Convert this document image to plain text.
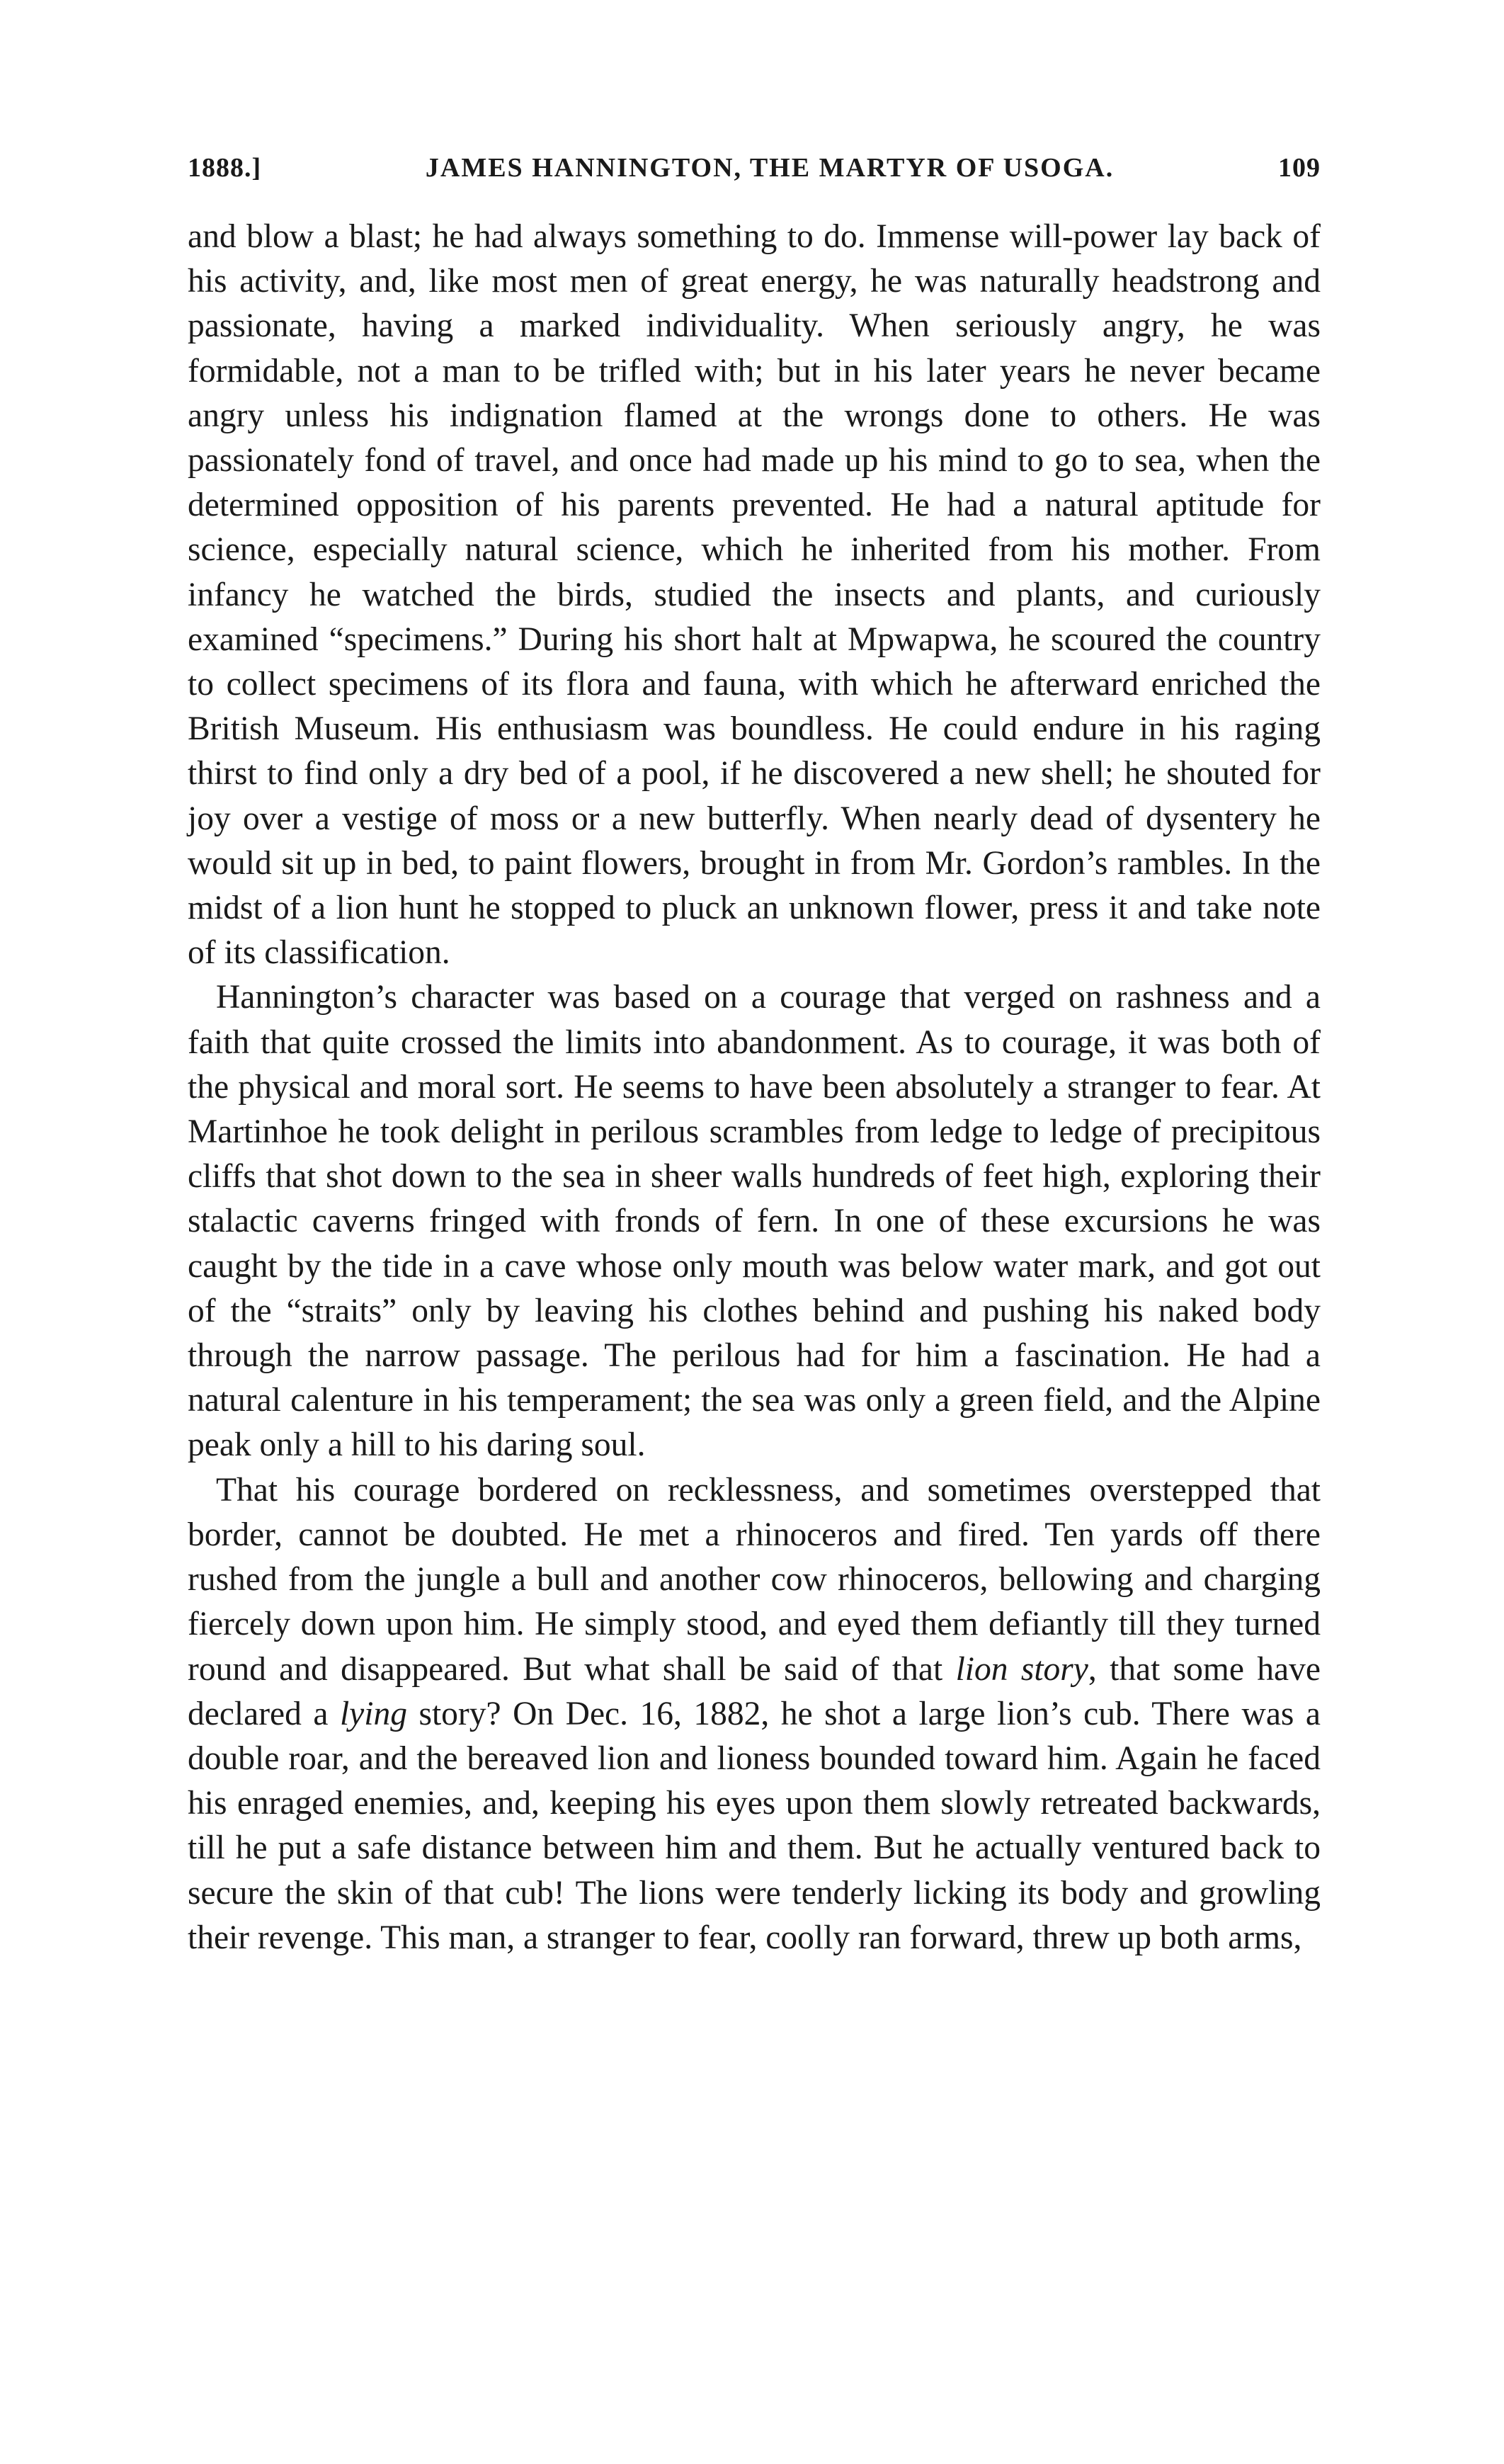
1888.]	JAMES HANNINGTON, THE MARTYR OF USOGA.	109

and blow a blast; he had always something to do. Immense will-power lay back of his activity, and, like most men of great energy, he was naturally headstrong and passionate, having a marked individuality. When seriously angry, he was formidable, not a man to be trifled with; but in his later years he never became angry unless his indignation flamed at the wrongs done to others. He was passionately fond of travel, and once had made up his mind to go to sea, when the determined opposition of his parents prevented. He had a natural aptitude for science, especially natural science, which he inherited from his mother. From infancy he watched the birds, studied the insects and plants, and curiously examined “specimens.” During his short halt at Mpwapwa, he scoured the country to collect specimens of its flora and fauna, with which he afterward enriched the British Museum. His enthusiasm was boundless. He could endure in his raging thirst to find only a dry bed of a pool, if he discovered a new shell; he shouted for joy over a vestige of moss or a new butterfly. When nearly dead of dysentery he would sit up in bed, to paint flowers, brought in from Mr. Gordon’s rambles. In the midst of a lion hunt he stopped to pluck an unknown flower, press it and take note of its classification.

Hannington’s character was based on a courage that verged on rashness and a faith that quite crossed the limits into abandonment. As to courage, it was both of the physical and moral sort. He seems to have been absolutely a stranger to fear. At Martinhoe he took delight in perilous scrambles from ledge to ledge of precipitous cliffs that shot down to the sea in sheer walls hundreds of feet high, exploring their stalactic caverns fringed with fronds of fern. In one of these excursions he was caught by the tide in a cave whose only mouth was below water mark, and got out of the “straits” only by leaving his clothes behind and pushing his naked body through the narrow passage. The perilous had for him a fascination. He had a natural calenture in his temperament; the sea was only a green field, and the Alpine peak only a hill to his daring soul.

That his courage bordered on recklessness, and sometimes overstepped that border, cannot be doubted. He met a rhinoceros and fired. Ten yards off there rushed from the jungle a bull and another cow rhinoceros, bellowing and charging fiercely down upon him. He simply stood, and eyed them defiantly till they turned round and disappeared. But what shall be said of that lion story, that some have declared a lying story? On Dec. 16, 1882, he shot a large lion’s cub. There was a double roar, and the bereaved lion and lioness bounded toward him. Again he faced his enraged enemies, and, keeping his eyes upon them slowly retreated backwards, till he put a safe distance between him and them. But he actually ventured back to secure the skin of that cub! The lions were tenderly licking its body and growling their revenge. This man, a stranger to fear, coolly ran forward, threw up both arms,
